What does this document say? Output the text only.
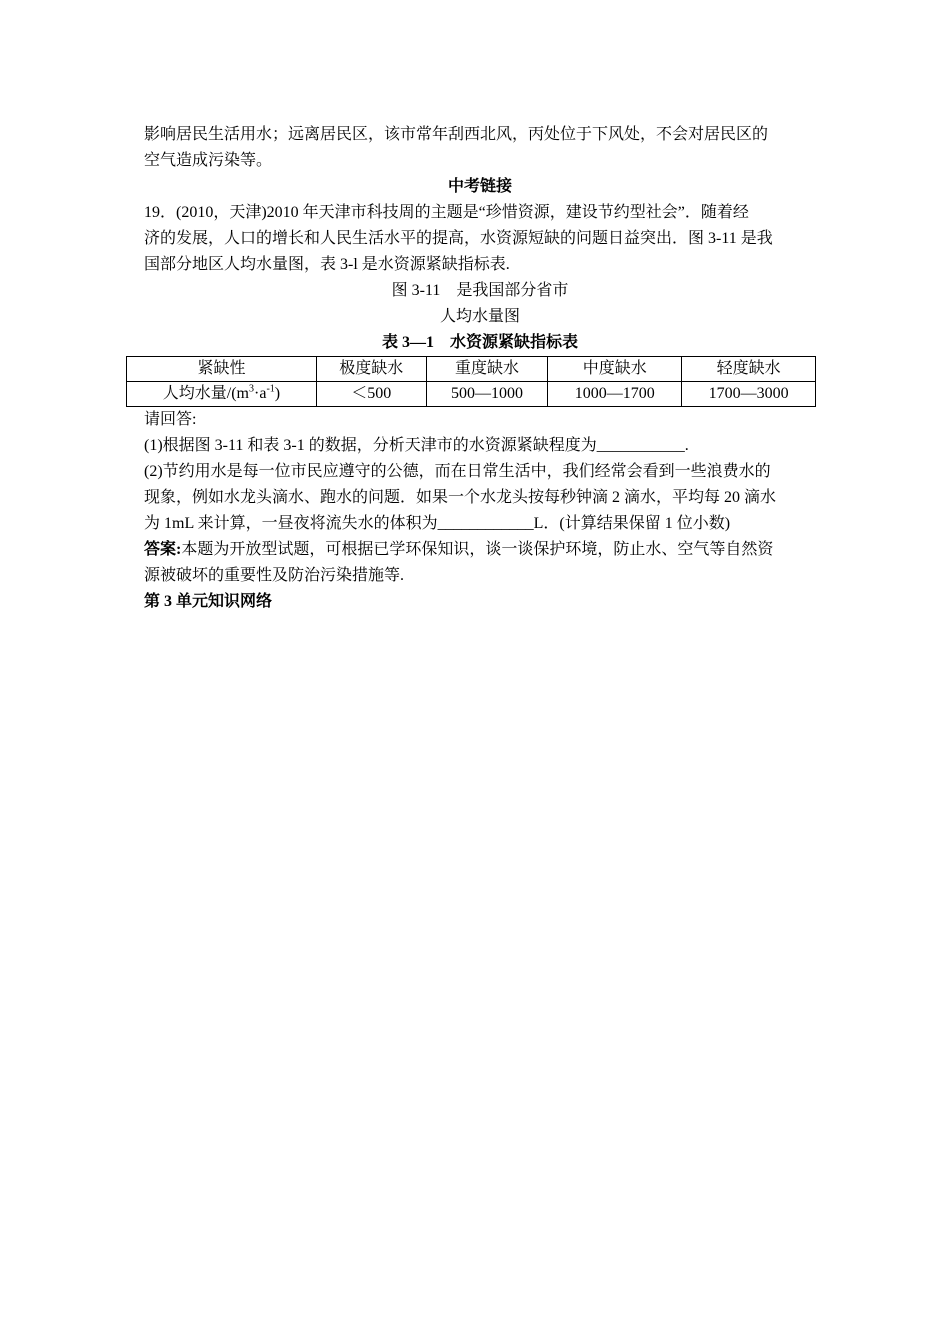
影响居民生活用水；远离居民区，该市常年刮西北风，丙处位于下风处，不会对居民区的

空气造成污染等。

中考链接

19．(2010，天津)2010 年天津市科技周的主题是“珍惜资源，建设节约型社会”．随着经

济的发展，人口的增长和人民生活水平的提高，水资源短缺的问题日益突出．图 3-11 是我

国部分地区人均水量图，表 3-l 是水资源紧缺指标表.

图 3-11　是我国部分省市

人均水量图

表 3—1　水资源紧缺指标表

紧缺性	极度缺水	重度缺水	中度缺水	轻度缺水
人均水量$/(m^3\cdot a^{-1})$	＜500	500—1000	1000—1700	1700—3000

请回答:

(1)根据图 3-11 和表 3-1 的数据，分析天津市的水资源紧缺程度为___________.

(2)节约用水是每一位市民应遵守的公德，而在日常生活中，我们经常会看到一些浪费水的

现象，例如水龙头滴水、跑水的问题．如果一个水龙头按每秒钟滴 2 滴水，平均每 20 滴水

为 1mL 来计算，一昼夜将流失水的体积为____________L．(计算结果保留 1 位小数)

答案:本题为开放型试题，可根据已学环保知识，谈一谈保护环境，防止水、空气等自然资

源被破坏的重要性及防治污染措施等.

第 3 单元知识网络
